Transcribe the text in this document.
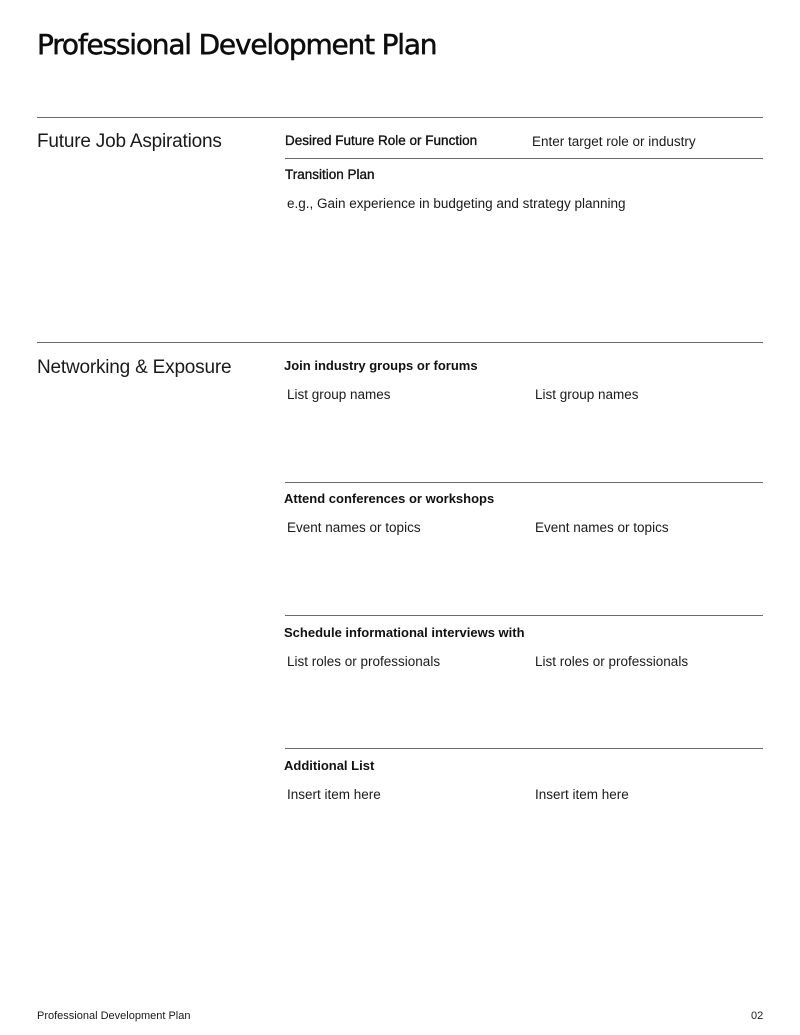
Professional Development Plan
Future Job Aspirations	Desired Future Role or Function	Enter target role or industry
Transition Plan
e.g., Gain experience in budgeting and strategy planning
Networking & Exposure	Join industry groups or forums
List group names	List group names
Attend conferences or workshops
Event names or topics	Event names or topics
Schedule informational interviews with
List roles or professionals	List roles or professionals
Additional List
Insert item here	Insert item here
Professional Development Plan	02
